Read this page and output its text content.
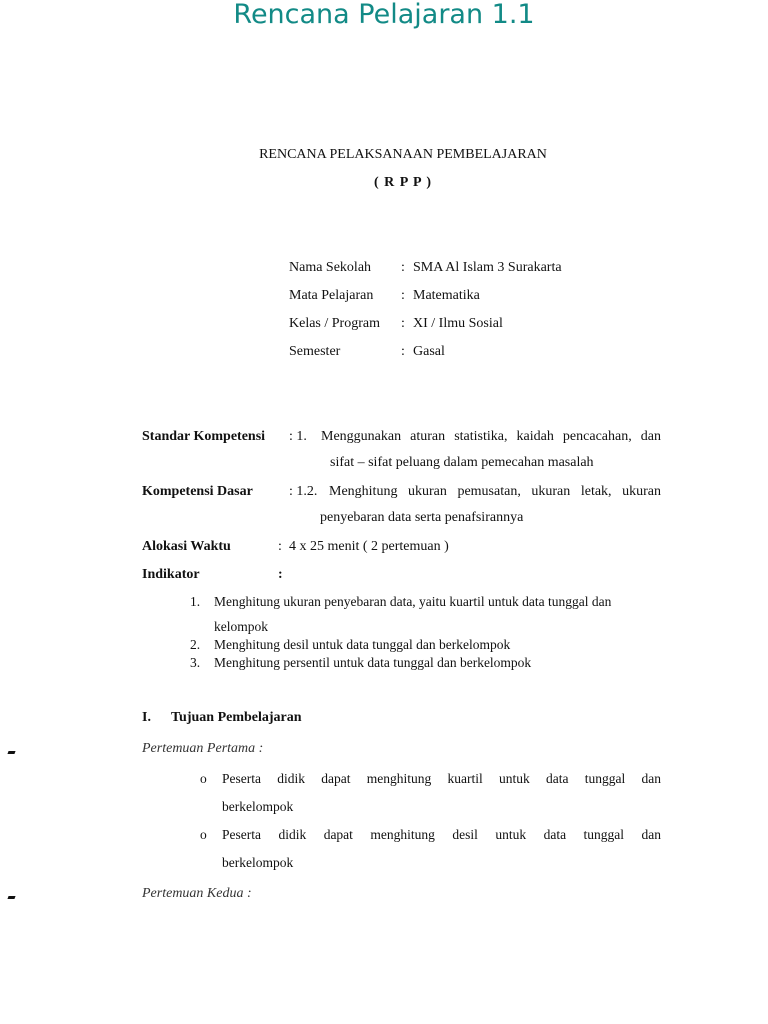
Rencana Pelajaran 1.1
RENCANA PELAKSANAAN PEMBELAJARAN
( R P P )
Nama Sekolah : SMA Al Islam 3 Surakarta
Mata Pelajaran : Matematika
Kelas / Program : XI / Ilmu Sosial
Semester	: Gasal
Standar Kompetensi : 1. Menggunakan aturan statistika, kaidah pencacahan, dan
sifat – sifat peluang dalam pemecahan masalah
Kompetensi Dasar	: 1.2. Menghitung ukuran pemusatan, ukuran letak, ukuran
penyebaran data serta penafsirannya
Alokasi Waktu	: 4 x 25 menit ( 2 pertemuan )
Indikator	:
1. Menghitung ukuran penyebaran data, yaitu kuartil untuk data tunggal dan
kelompok
2. Menghitung desil untuk data tunggal dan berkelompok
3. Menghitung persentil untuk data tunggal dan berkelompok
I. Tujuan Pembelajaran
Pertemuan Pertama :
o Peserta didik dapat menghitung kuartil untuk data tunggal dan
berkelompok
o Peserta didik dapat menghitung desil untuk data tunggal dan
berkelompok
Pertemuan Kedua :
